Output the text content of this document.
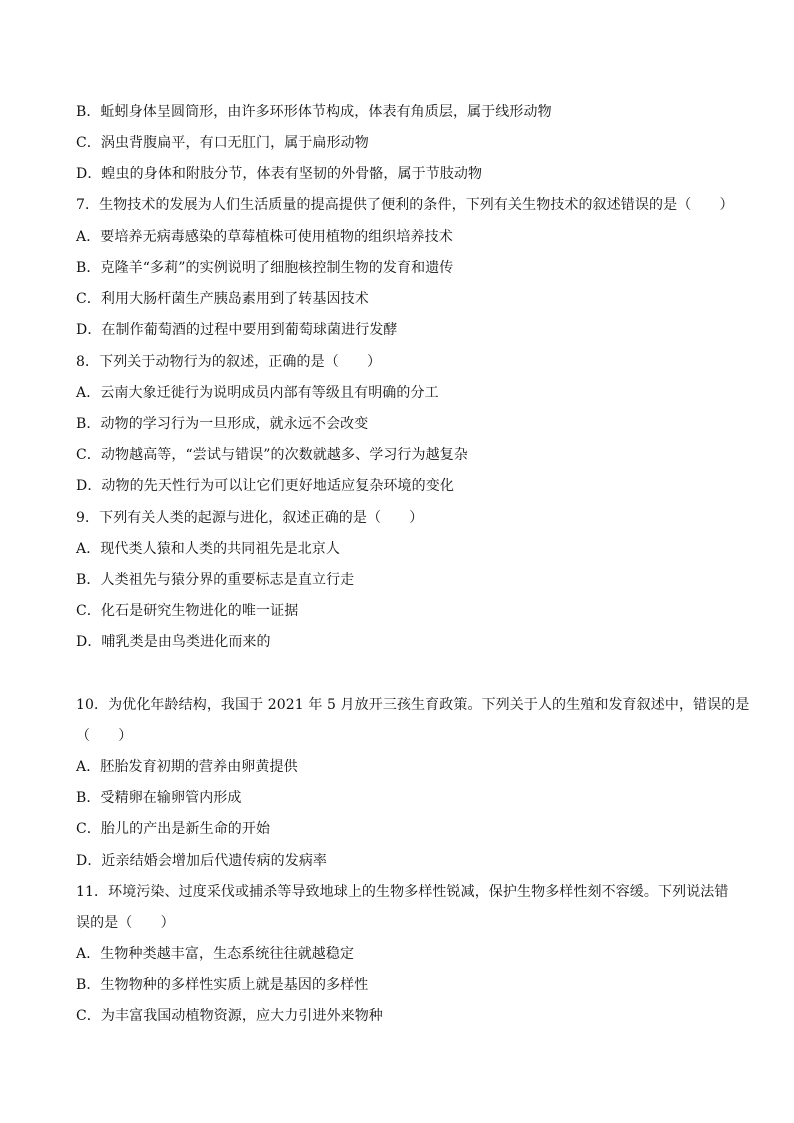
B．蚯蚓身体呈圆筒形，由许多环形体节构成，体表有角质层，属于线形动物
C．涡虫背腹扁平，有口无肛门，属于扁形动物
D．蝗虫的身体和附肢分节，体表有坚韧的外骨骼，属于节肢动物
7．生物技术的发展为人们生活质量的提高提供了便利的条件，下列有关生物技术的叙述错误的是（　　）
A．要培养无病毒感染的草莓植株可使用植物的组织培养技术
B．克隆羊“多莉”的实例说明了细胞核控制生物的发育和遗传
C．利用大肠杆菌生产胰岛素用到了转基因技术
D．在制作葡萄酒的过程中要用到葡萄球菌进行发酵
8．下列关于动物行为的叙述，正确的是（　　）
A．云南大象迁徙行为说明成员内部有等级且有明确的分工
B．动物的学习行为一旦形成，就永远不会改变
C．动物越高等，“尝试与错误”的次数就越多、学习行为越复杂
D．动物的先天性行为可以让它们更好地适应复杂环境的变化
9．下列有关人类的起源与进化，叙述正确的是（　　）
A．现代类人猿和人类的共同祖先是北京人
B．人类祖先与猿分界的重要标志是直立行走
C．化石是研究生物进化的唯一证据
D．哺乳类是由鸟类进化而来的
10．为优化年龄结构，我国于 2021 年 5 月放开三孩生育政策。下列关于人的生殖和发育叙述中，错误的是
（　　）
A．胚胎发育初期的营养由卵黄提供
B．受精卵在输卵管内形成
C．胎儿的产出是新生命的开始
D．近亲结婚会增加后代遗传病的发病率
11．环境污染、过度采伐或捕杀等导致地球上的生物多样性锐减，保护生物多样性刻不容缓。下列说法错
误的是（　　）
A．生物种类越丰富，生态系统往往就越稳定
B．生物物种的多样性实质上就是基因的多样性
C．为丰富我国动植物资源，应大力引进外来物种
